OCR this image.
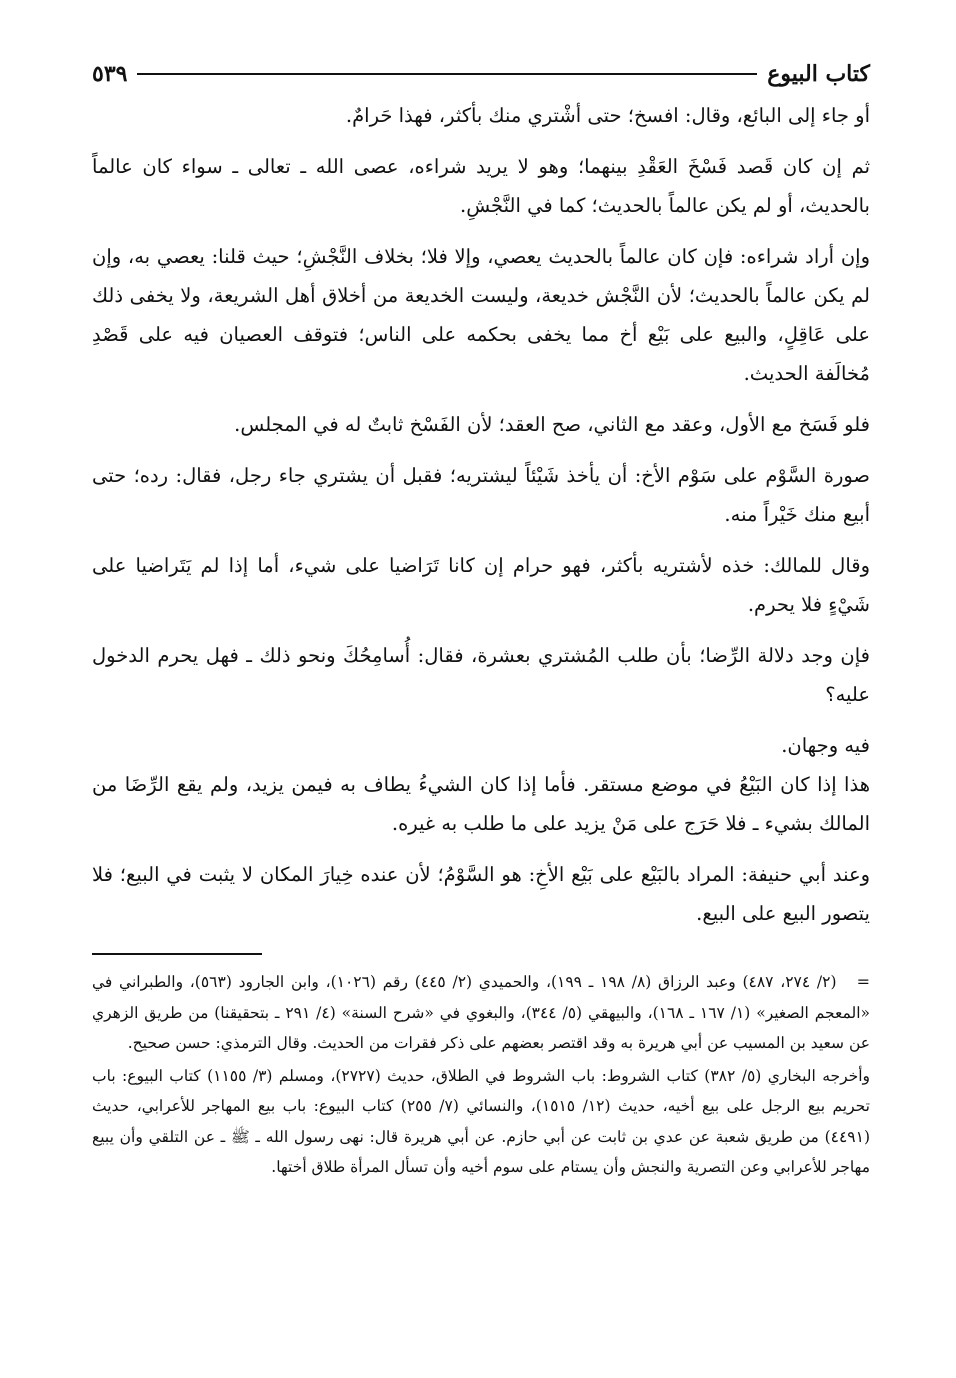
كتاب البيوع
٥٣٩

أو جاء إلى البائع، وقال: افسخ؛ حتى أشْتري منك بأكثر، فهذا حَرامٌ.

ثم إن كان قَصد فَسْخَ العَقْدِ بينهما؛ وهو لا يريد شراءه، عصى الله ـ تعالى ـ سواء كان عالماً بالحديث، أو لم يكن عالماً بالحديث؛ كما في النَّجْشِ.

وإن أراد شراءه: فإن كان عالماً بالحديث يعصي، وإلا فلا؛ بخلاف النَّجْشِ؛ حيث قلنا: يعصي به، وإن لم يكن عالماً بالحديث؛ لأن النَّجْش خديعة، وليست الخديعة من أخلاق أهل الشريعة، ولا يخفى ذلك على عَاقِلٍ، والبيع على بَيْع أخ مما يخفى بحكمه على الناس؛ فتوقف العصيان فيه على قَصْدِ مُخالَفة الحديث.

فلو فَسَخ مع الأول، وعقد مع الثاني، صح العقد؛ لأن الفَسْخ ثابتٌ له في المجلس.

صورة السَّوْم على سَوْم الأخ: أن يأخذ شَيْئاً ليشتريه؛ فقبل أن يشتري جاء رجل، فقال: رده؛ حتى أبيع منك خَيْراً منه.

وقال للمالك: خذه لأشتريه بأكثر، فهو حرام إن كانا تَرَاضيا على شيء، أما إذا لم يَتَراضيا على شَيْءٍ فلا يحرم.

فإن وجد دلالة الرِّضا؛ بأن طلب المُشتري بعشرة، فقال: أُسامِحُكَ ونحو ذلك ـ فهل يحرم الدخول عليه؟

فيه وجهان.

هذا إذا كان البَيْعُ في موضع مستقر. فأما إذا كان الشيءُ يطاف به فيمن يزيد، ولم يقع الرِّضَا من المالك بشيء ـ فلا حَرَج على مَنْ يزيد على ما طلب به غيره.

وعند أبي حنيفة: المراد بالبَيْع على بَيْع الأخِ: هو السَّوْمُ؛ لأن عنده خِيارَ المكان لا يثبت في البيع؛ فلا يتصور البيع على البيع.

=
(٢/ ٢٧٤، ٤٨٧) وعبد الرزاق (٨/ ١٩٨ ـ ١٩٩)، والحميدي (٢/ ٤٤٥) رقم (١٠٢٦)، وابن الجارود (٥٦٣)، والطبراني في «المعجم الصغير» (١/ ١٦٧ ـ ١٦٨)، والبيهقي (٥/ ٣٤٤)، والبغوي في «شرح السنة» (٤/ ٢٩١ ـ بتحقيقنا) من طريق الزهري عن سعيد بن المسيب عن أبي هريرة به وقد اقتصر بعضهم على ذكر فقرات من الحديث. وقال الترمذي: حسن صحيح.

وأخرجه البخاري (٥/ ٣٨٢) كتاب الشروط: باب الشروط في الطلاق، حديث (٢٧٢٧)، ومسلم (٣/ ١١٥٥) كتاب البيوع: باب تحريم بيع الرجل على بيع أخيه، حديث (١٢/ ١٥١٥)، والنسائي (٧/ ٢٥٥) كتاب البيوع: باب بيع المهاجر للأعرابي، حديث (٤٤٩١) من طريق شعبة عن عدي بن ثابت عن أبي حازم. عن أبي هريرة قال: نهى رسول الله ـ ﷺ ـ عن التلقي وأن يبيع مهاجر للأعرابي وعن التصرية والنجش وأن يستام على سوم أخيه وأن تسأل المرأة طلاق أختها.
